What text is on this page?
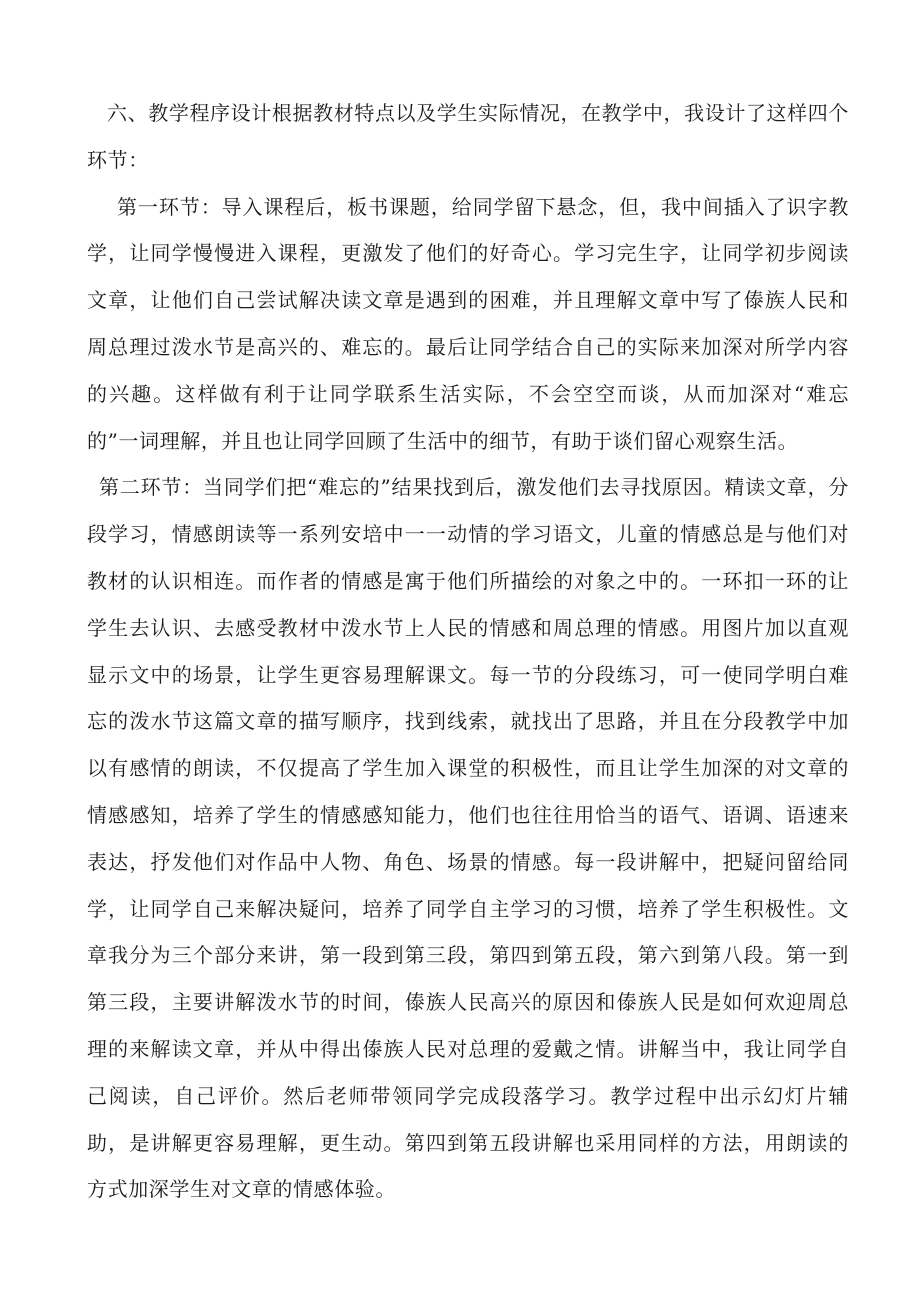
六、教学程序设计根据教材特点以及学生实际情况，在教学中，我设计了这样四个环节：

第一环节：导入课程后，板书课题，给同学留下悬念，但，我中间插入了识字教学，让同学慢慢进入课程，更激发了他们的好奇心。学习完生字，让同学初步阅读文章，让他们自己尝试解决读文章是遇到的困难，并且理解文章中写了傣族人民和周总理过泼水节是高兴的、难忘的。最后让同学结合自己的实际来加深对所学内容的兴趣。这样做有利于让同学联系生活实际，不会空空而谈，从而加深对“难忘的”一词理解，并且也让同学回顾了生活中的细节，有助于谈们留心观察生活。

第二环节：当同学们把“难忘的”结果找到后，激发他们去寻找原因。精读文章，分段学习，情感朗读等一系列安培中一一动情的学习语文，儿童的情感总是与他们对教材的认识相连。而作者的情感是寓于他们所描绘的对象之中的。一环扣一环的让学生去认识、去感受教材中泼水节上人民的情感和周总理的情感。用图片加以直观显示文中的场景，让学生更容易理解课文。每一节的分段练习，可一使同学明白难忘的泼水节这篇文章的描写顺序，找到线索，就找出了思路，并且在分段教学中加以有感情的朗读，不仅提高了学生加入课堂的积极性，而且让学生加深的对文章的情感感知，培养了学生的情感感知能力，他们也往往用恰当的语气、语调、语速来表达，抒发他们对作品中人物、角色、场景的情感。每一段讲解中，把疑问留给同学，让同学自己来解决疑问，培养了同学自主学习的习惯，培养了学生积极性。文章我分为三个部分来讲，第一段到第三段，第四到第五段，第六到第八段。第一到第三段，主要讲解泼水节的时间，傣族人民高兴的原因和傣族人民是如何欢迎周总理的来解读文章，并从中得出傣族人民对总理的爱戴之情。讲解当中，我让同学自己阅读，自己评价。然后老师带领同学完成段落学习。教学过程中出示幻灯片辅助，是讲解更容易理解，更生动。第四到第五段讲解也采用同样的方法，用朗读的方式加深学生对文章的情感体验。
